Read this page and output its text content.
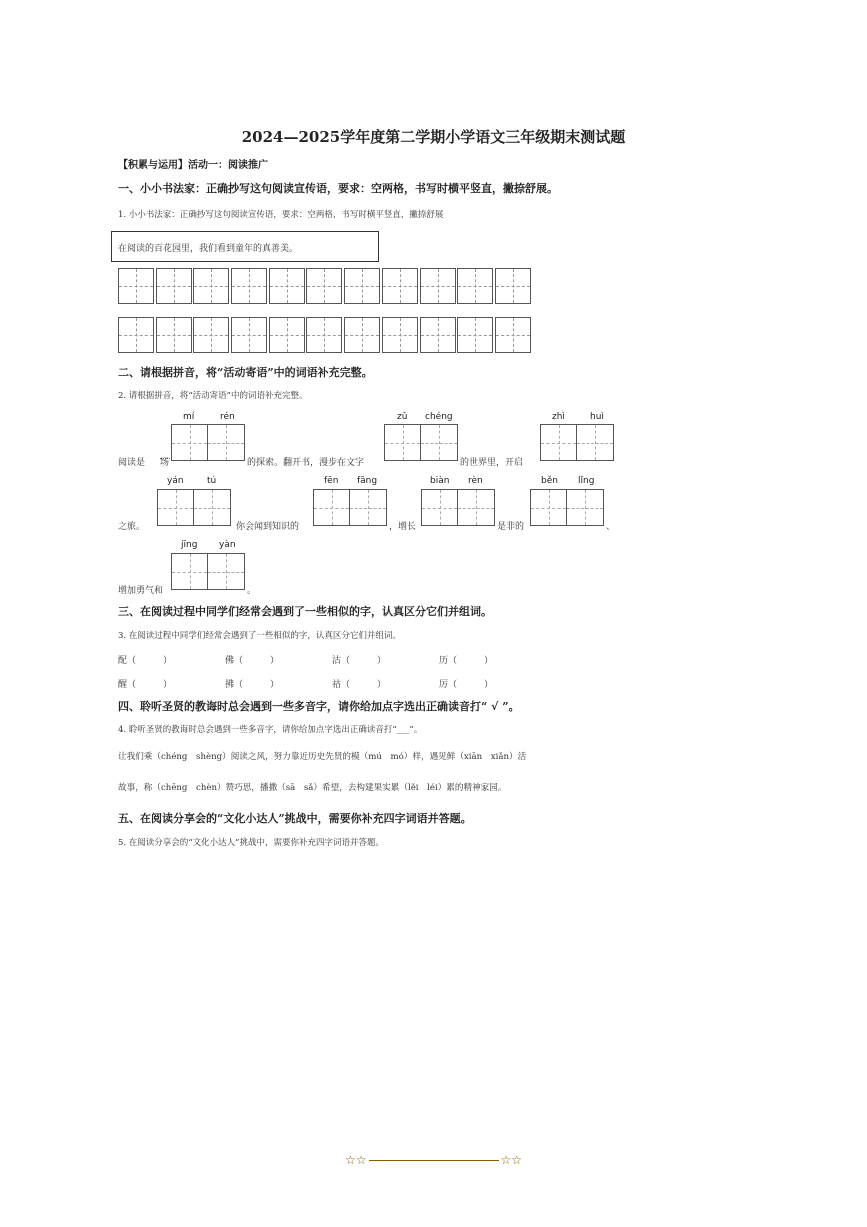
2024—2025学年度第二学期小学语文三年级期末测试题
【积累与运用】活动一：阅读推广
一、小小书法家：正确抄写这句阅读宣传语，要求：空两格，书写时横平竖直，撇捺舒展。
1. 小小书法家：正确抄写这句阅读宣传语，要求：空两格，书写时横平竖直，撇捺舒展
在阅读的百花园里，我们看到童年的真善美。
二、请根据拼音，将“活动寄语”中的词语补充完整。
2. 请根据拼音，将“活动寄语”中的词语补充完整。
mí	rén	zǔ chéng	zhì	huì
阅读是 场	的探索。翻开书，漫步在文字	的世界里，开启
yán	tú	fēn fāng	biàn rèn	běn lǐng
之旅。	你会闻到知识的	，增长	是非的	、
jīng yàn
增加勇气和	。
三、在阅读过程中同学们经常会遇到了一些相似的字，认真区分它们并组词。
3. 在阅读过程中同学们经常会遇到了一些相似的字，认真区分它们并组词。
配（　　　）	佛（　　　）	沽（　　　）	历（　　　）
醒（　　　）	拂（　　　）	祜（　　　）	厉（　　　）
四、聆听圣贤的教诲时总会遇到一些多音字，请你给加点字选出正确读音打“ √ ”。
4. 聆听圣贤的教诲时总会遇到一些多音字，请你给加点字选出正确读音打“___”。
让我们乘（chéng　shèng）阅读之风，努力靠近历史先贤的模（mú　mó）样，遇见鲜（xiān　xiǎn）活
故事，称（chēng　chèn）赞巧思，播撒（sā　sǎ）希望，去构建果实累（lěi　léi）累的精神家园。
五、在阅读分享会的“文化小达人”挑战中，需要你补充四字词语并答题。
5. 在阅读分享会的“文化小达人”挑战中，需要你补充四字词语并答题。
☆☆	☆☆
